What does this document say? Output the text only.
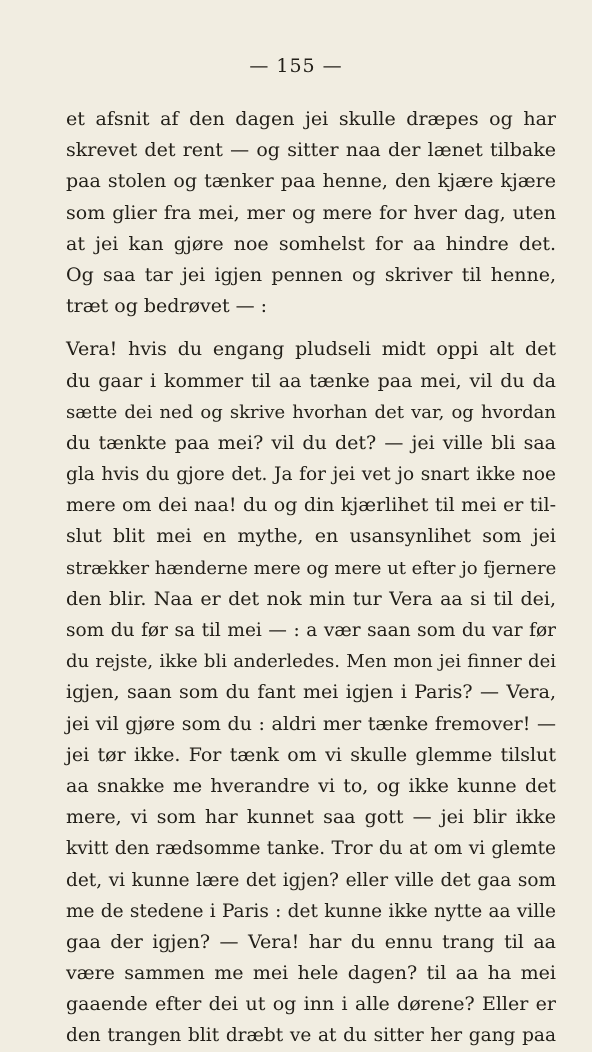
— 155 —
et afsnit af den dagen jei skulle dræpes og har
skrevet det rent — og sitter naa der lænet tilbake
paa stolen og tænker paa henne, den kjære kjære
som glier fra mei, mer og mere for hver dag, uten
at jei kan gjøre noe somhelst for aa hindre det.
Og saa tar jei igjen pennen og skriver til henne,
træt og bedrøvet — :
Vera! hvis du engang pludseli midt oppi alt det
du gaar i kommer til aa tænke paa mei, vil du da
sætte dei ned og skrive hvorhan det var, og hvordan
du tænkte paa mei? vil du det? — jei ville bli saa
gla hvis du gjore det. Ja for jei vet jo snart ikke noe
mere om dei naa! du og din kjærlihet til mei er til-
slut blit mei en mythe, en usansynlihet som jei
strækker hænderne mere og mere ut efter jo fjernere
den blir. Naa er det nok min tur Vera aa si til dei,
som du før sa til mei — : a vær saan som du var før
du rejste, ikke bli anderledes. Men mon jei finner dei
igjen, saan som du fant mei igjen i Paris? — Vera,
jei vil gjøre som du : aldri mer tænke fremover! —
jei tør ikke. For tænk om vi skulle glemme tilslut
aa snakke me hverandre vi to, og ikke kunne det
mere, vi som har kunnet saa gott — jei blir ikke
kvitt den rædsomme tanke. Tror du at om vi glemte
det, vi kunne lære det igjen? eller ville det gaa som
me de stedene i Paris : det kunne ikke nytte aa ville
gaa der igjen? — Vera! har du ennu trang til aa
være sammen me mei hele dagen? til aa ha mei
gaaende efter dei ut og inn i alle dørene? Eller er
den trangen blit dræbt ve at du sitter her gang paa
